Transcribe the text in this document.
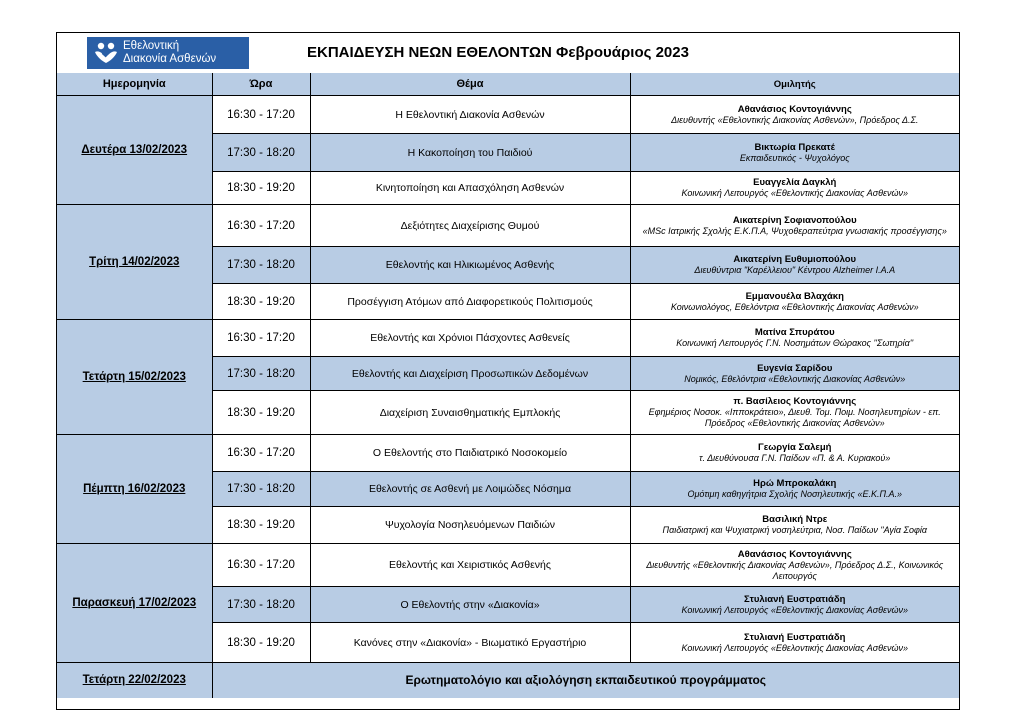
Εθελοντική
Διακονία Ασθενών	ΕΚΠΑΙΔΕΥΣΗ ΝΕΩΝ ΕΘΕΛΟΝΤΩΝ Φεβρουάριος 2023
Ημερομηνία	Ώρα	Θέμα	Ομιλητής
Δευτέρα 13/02/2023	16:30 - 17:20	Η Εθελοντική Διακονία Ασθενών	Αθανάσιος Κοντογιάννης
Διευθυντής «Εθελοντικής Διακονίας Ασθενών», Πρόεδρος Δ.Σ.

	17:30 - 18:20	Η Κακοποίηση του Παιδιού	Βικτωρία Πρεκατέ
Εκπαιδευτικός - Ψυχολόγος

	18:30 - 19:20	Κινητοποίηση και Απασχόληση Ασθενών	Ευαγγελία Δαγκλή
Κοινωνική Λειτουργός «Εθελοντικής Διακονίας Ασθενών»

Τρίτη 14/02/2023	16:30 - 17:20	Δεξιότητες Διαχείρισης Θυμού	Αικατερίνη Σοφιανοπούλου
«MSc Ιατρικής Σχολής Ε.Κ.Π.Α, Ψυχοθεραπεύτρια γνωσιακής προσέγγισης»

	17:30 - 18:20	Εθελοντής και Ηλικιωμένος Ασθενής	Αικατερίνη Ευθυμιοπούλου
Διευθύντρια "Καρέλλειου" Κέντρου Alzheimer Ι.Α.Α

	18:30 - 19:20	Προσέγγιση Ατόμων από Διαφορετικούς Πολιτισμούς	Εμμανουέλα Βλαχάκη
Κοινωνιολόγος, Εθελόντρια «Εθελοντικής Διακονίας Ασθενών»

Τετάρτη 15/02/2023	16:30 - 17:20	Εθελοντής και Χρόνιοι Πάσχοντες Ασθενείς	Ματίνα Σπυράτου
Κοινωνική Λειτουργός Γ.Ν. Νοσημάτων Θώρακος ''Σωτηρία''

	17:30 - 18:20	Εθελοντής και Διαχείριση Προσωπικών Δεδομένων	Ευγενία Σαρίδου
Νομικός, Εθελόντρια «Εθελοντικής Διακονίας Ασθενών»

	18:30 - 19:20	Διαχείριση Συναισθηματικής Εμπλοκής	π. Βασίλειος Κοντογιάννης
Εφημέριος Νοσοκ. «Ιπποκράτειο», Διευθ. Τομ. Ποιμ. Νοσηλευτηρίων - επ. Πρόεδρος «Εθελοντικής Διακονίας Ασθενών»

Πέμπτη 16/02/2023	16:30 - 17:20	Ο Εθελοντής στο Παιδιατρικό Νοσοκομείο	Γεωργία Σαλεμή
τ. Διευθύνουσα Γ.Ν. Παίδων «Π. & Α. Κυριακού»

	17:30 - 18:20	Εθελοντής σε Ασθενή με Λοιμώδες Νόσημα	Ηρώ Μπροκαλάκη
Ομότιμη καθηγήτρια Σχολής Νοσηλευτικής «Ε.Κ.Π.Α.»

	18:30 - 19:20	Ψυχολογία Νοσηλευόμενων Παιδιών	Βασιλική Ντρε
Παιδιατρική και Ψυχιατρική νοσηλεύτρια, Νοσ. Παίδων "Αγία Σοφία

Παρασκευή 17/02/2023	16:30 - 17:20	Εθελοντής και Χειριστικός Ασθενής	Αθανάσιος Κοντογιάννης
Διευθυντής «Εθελοντικής Διακονίας Ασθενών», Πρόεδρος Δ.Σ., Κοινωνικός Λειτουργός

	17:30 - 18:20	Ο Εθελοντής στην «Διακονία»	Στυλιανή Ευστρατιάδη
Κοινωνική Λειτουργός «Εθελοντικής Διακονίας Ασθενών»

	18:30 - 19:20	Κανόνες στην «Διακονία» - Βιωματικό Εργαστήριο	Στυλιανή Ευστρατιάδη
Κοινωνική Λειτουργός «Εθελοντικής Διακονίας Ασθενών»

Τετάρτη 22/02/2023	Ερωτηματολόγιο και αξιολόγηση εκπαιδευτικού προγράμματος		
